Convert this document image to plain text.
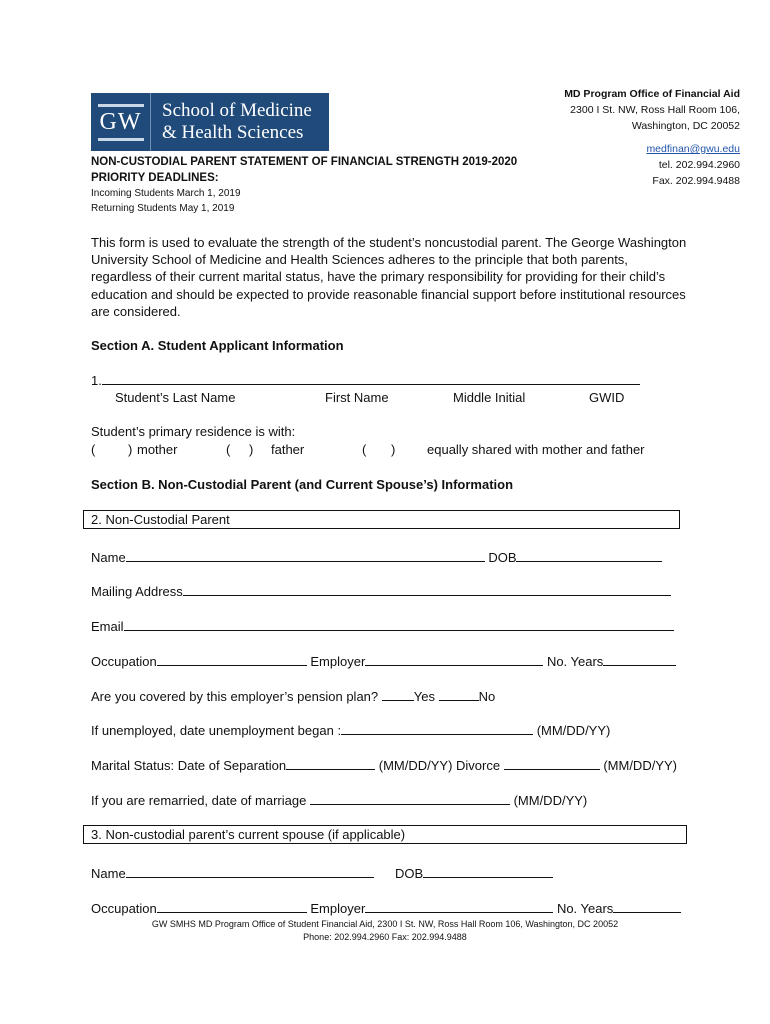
GW School of Medicine
& Health Sciences
MD Program Office of Financial Aid
2300 I St. NW, Ross Hall Room 106,
Washington, DC 20052
medfinan@gwu.edu
tel. 202.994.2960
Fax. 202.994.9488
NON-CUSTODIAL PARENT STATEMENT OF FINANCIAL STRENGTH 2019-2020
PRIORITY DEADLINES:
Incoming Students March 1, 2019
Returning Students May 1, 2019
This form is used to evaluate the strength of the student’s noncustodial parent. The George Washington University School of Medicine and Health Sciences adheres to the principle that both parents, regardless of their current marital status, have the primary responsibility for providing for their child’s education and should be expected to provide reasonable financial support before institutional resources are considered.
Section A. Student Applicant Information
1.
Student’s Last Name	First Name	Middle Initial	GWID
Student’s primary residence is with:
(	) mother	( ) father	( ) equally shared with mother and father
Section B. Non-Custodial Parent (and Current Spouse’s) Information
2. Non-Custodial Parent
Name	DOB
Mailing Address
Email
Occupation	Employer	No. Years
Are you covered by this employer’s pension plan?	Yes	No
If unemployed, date unemployment began :	(MM/DD/YY)
Marital Status: Date of Separation	(MM/DD/YY) Divorce	(MM/DD/YY)
If you are remarried, date of marriage	(MM/DD/YY)
3. Non-custodial parent’s current spouse (if applicable)
Name	DOB
Occupation	Employer	No. Years
GW SMHS MD Program Office of Student Financial Aid, 2300 I St. NW, Ross Hall Room 106, Washington, DC 20052
Phone: 202.994.2960 Fax: 202.994.9488
